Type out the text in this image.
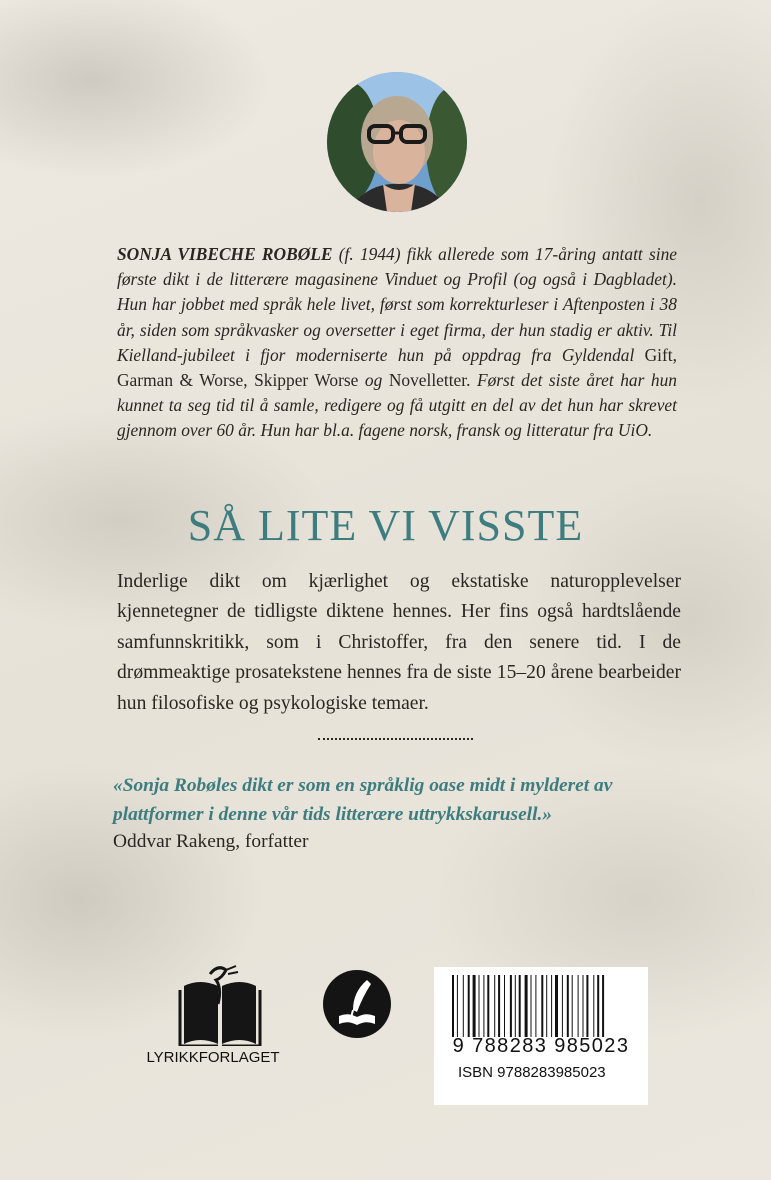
SONJA VIBECHE ROBØLE (f. 1944) fikk allerede som 17-åring antatt sine første dikt i de litterære magasinene Vinduet og Profil (og også i Dagbladet). Hun har jobbet med språk hele livet, først som korrekturleser i Aftenposten i 38 år, siden som språkvasker og oversetter i eget firma, der hun stadig er aktiv. Til Kielland-jubileet i fjor moderniserte hun på oppdrag fra Gyldendal Gift, Garman & Worse, Skipper Worse og Novelletter. Først det siste året har hun kunnet ta seg tid til å samle, redigere og få utgitt en del av det hun har skrevet gjennom over 60 år. Hun har bl.a. fagene norsk, fransk og litteratur fra UiO.

SÅ LITE VI VISSTE

Inderlige dikt om kjærlighet og ekstatiske naturopplevelser kjennetegner de tidligste diktene hennes. Her fins også hardtslående samfunnskritikk, som i Christoffer, fra den senere tid. I de drømmeaktige prosatekstene hennes fra de siste 15–20 årene bearbeider hun filosofiske og psykologiske temaer.

«Sonja Robøles dikt er som en språklig oase midt i mylderet av plattformer i denne vår tids litterære uttrykkskarusell.»

Oddvar Rakeng, forfatter
LYRIKKFORLAGET
9 788283 985023
ISBN 9788283985023
